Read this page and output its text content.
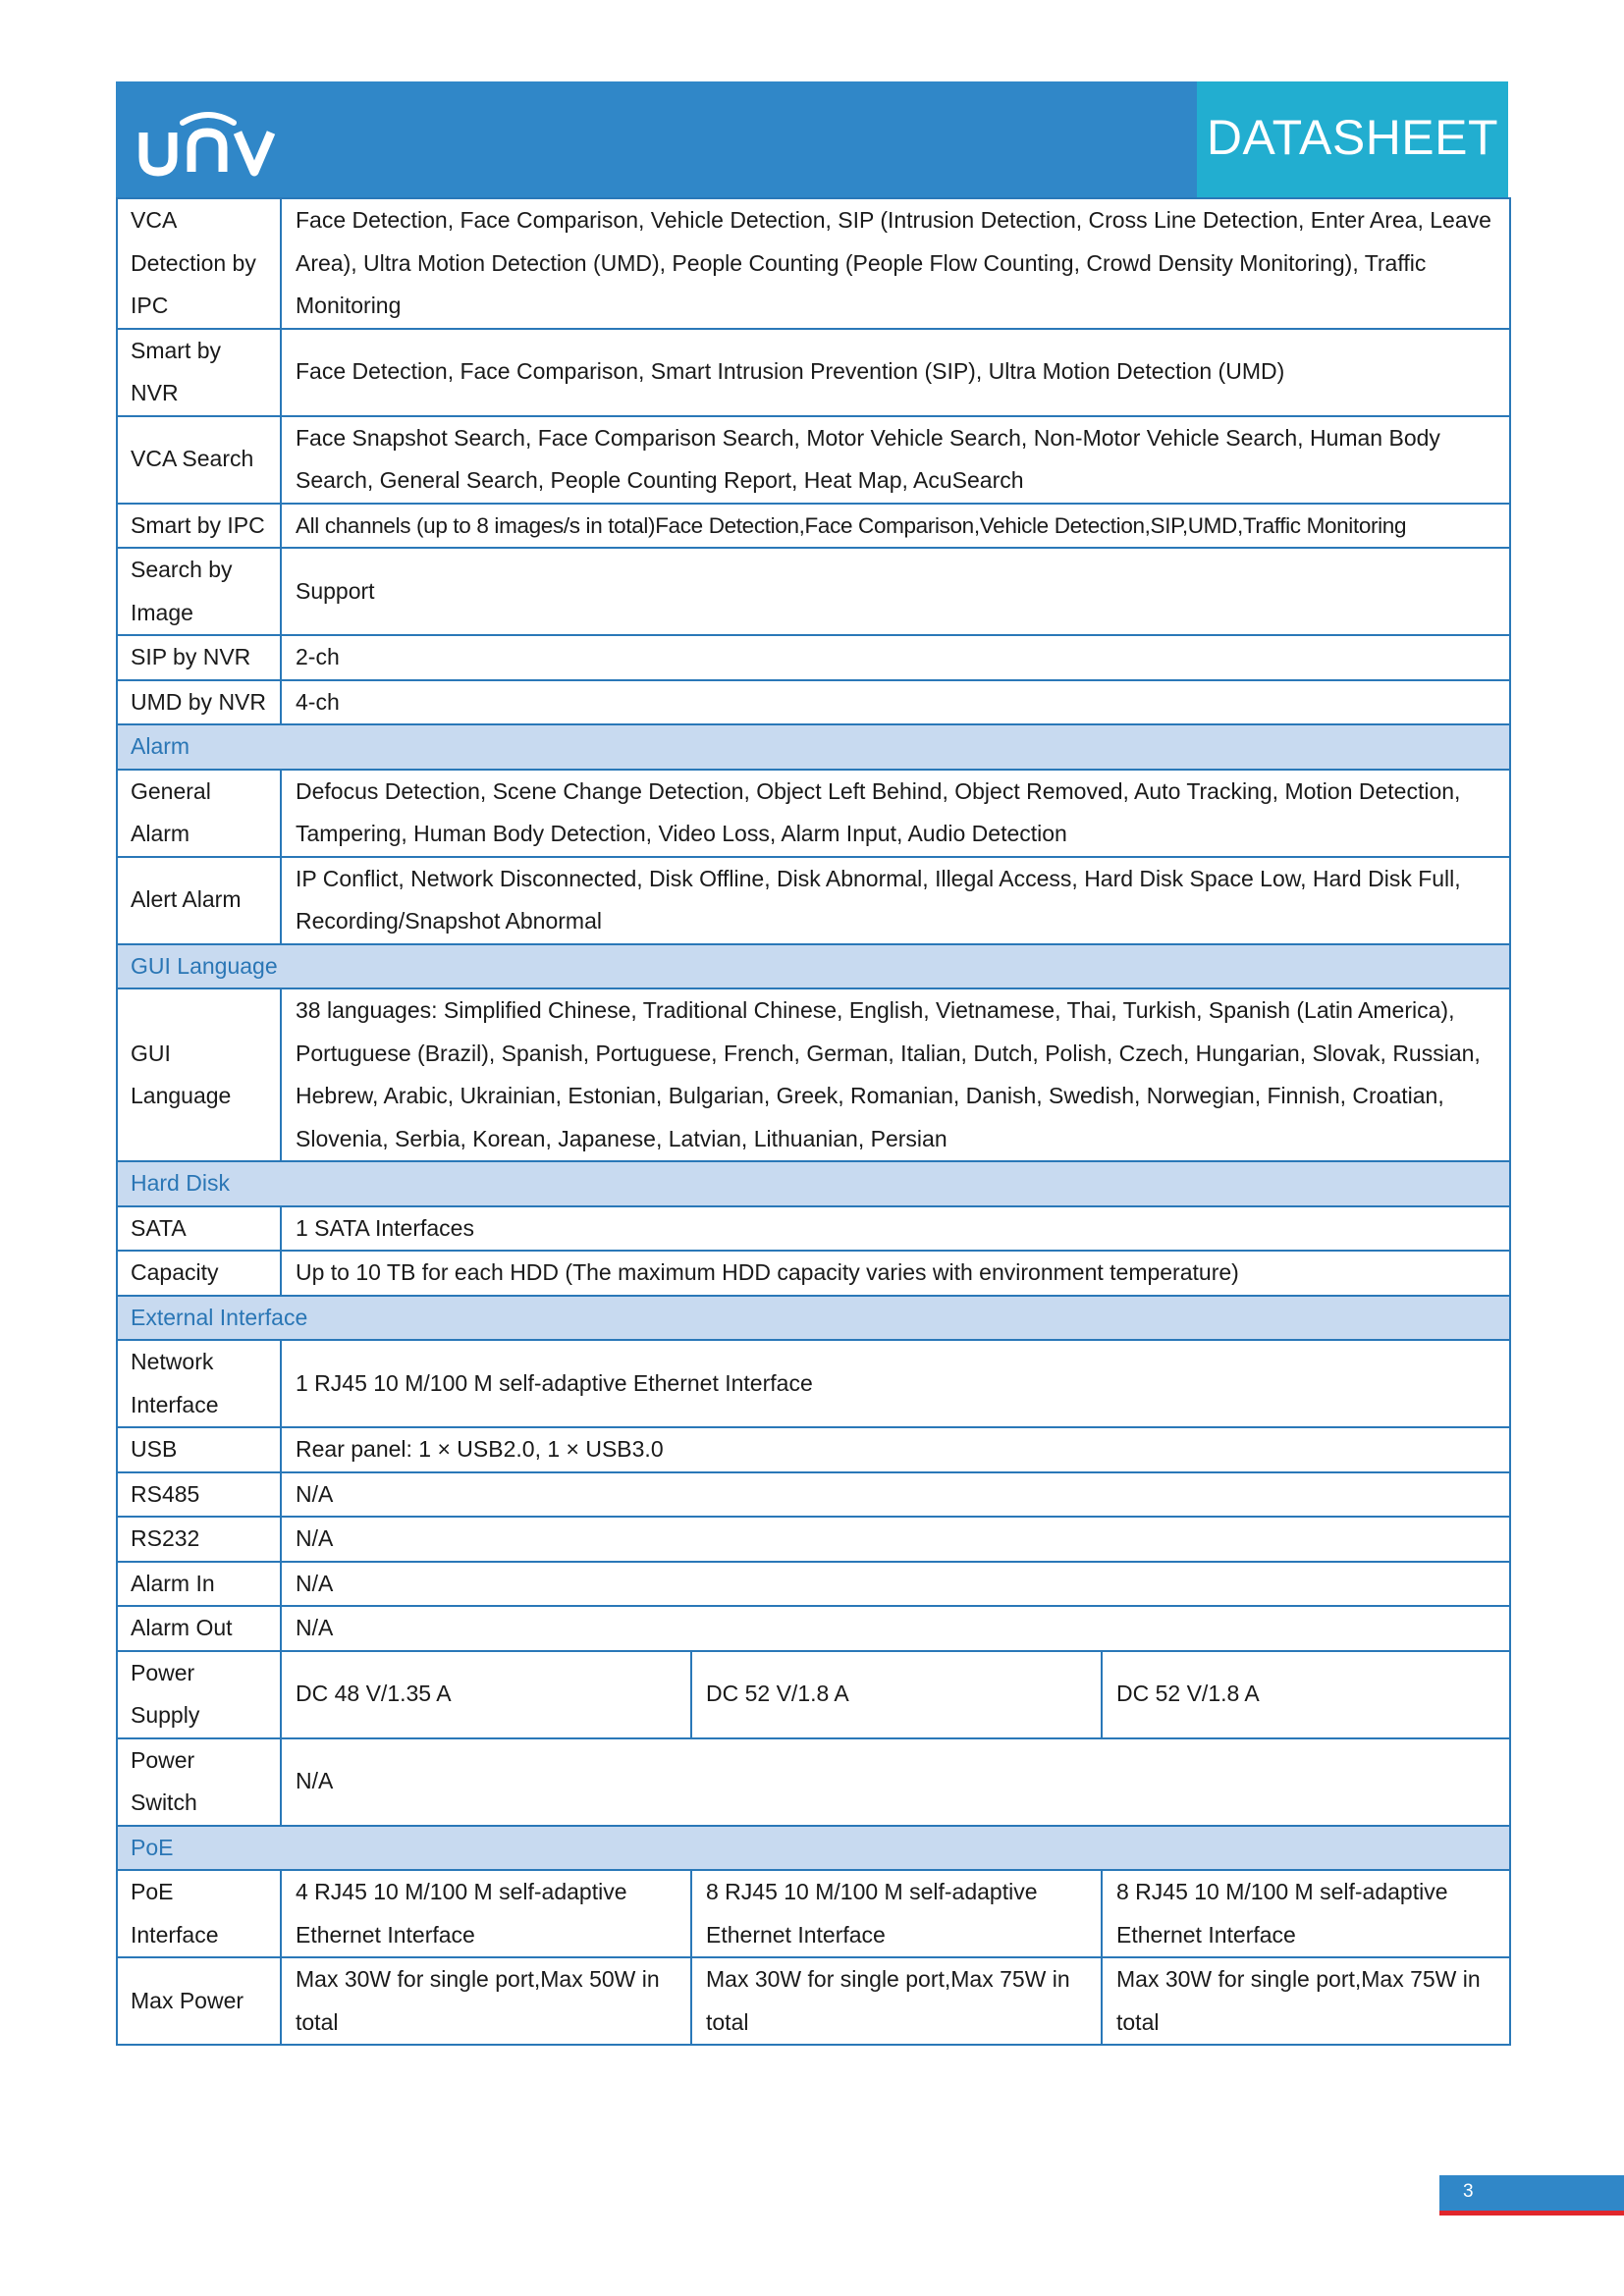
DATASHEET
VCA Detection by IPC	Face Detection, Face Comparison, Vehicle Detection, SIP (Intrusion Detection, Cross Line Detection, Enter Area, Leave Area), Ultra Motion Detection (UMD), People Counting (People Flow Counting, Crowd Density Monitoring), Traffic Monitoring		
Smart by NVR	Face Detection, Face Comparison, Smart Intrusion Prevention (SIP), Ultra Motion Detection (UMD)		
VCA Search	Face Snapshot Search, Face Comparison Search, Motor Vehicle Search, Non-Motor Vehicle Search, Human Body Search, General Search, People Counting Report, Heat Map, AcuSearch		
Smart by IPC	All channels (up to 8 images/s in total)Face Detection,Face Comparison,Vehicle Detection,SIP,UMD,Traffic Monitoring		
Search by Image	Support		
SIP by NVR	2-ch		
UMD by NVR	4-ch		
Alarm			
General Alarm	Defocus Detection, Scene Change Detection, Object Left Behind, Object Removed, Auto Tracking, Motion Detection, Tampering, Human Body Detection, Video Loss, Alarm Input, Audio Detection		
Alert Alarm	IP Conflict, Network Disconnected, Disk Offline, Disk Abnormal, Illegal Access, Hard Disk Space Low, Hard Disk Full, Recording/Snapshot Abnormal		
GUI Language			
GUI Language	38 languages: Simplified Chinese, Traditional Chinese, English, Vietnamese, Thai, Turkish, Spanish (Latin America), Portuguese (Brazil), Spanish, Portuguese, French, German, Italian, Dutch, Polish, Czech, Hungarian, Slovak, Russian, Hebrew, Arabic, Ukrainian, Estonian, Bulgarian, Greek, Romanian, Danish, Swedish, Norwegian, Finnish, Croatian, Slovenia, Serbia, Korean, Japanese, Latvian, Lithuanian, Persian		
Hard Disk			
SATA	1 SATA Interfaces		
Capacity	Up to 10 TB for each HDD (The maximum HDD capacity varies with environment temperature)		
External Interface			
Network Interface	1 RJ45 10 M/100 M self-adaptive Ethernet Interface		
USB	Rear panel: 1 × USB2.0, 1 × USB3.0		
RS485	N/A		
RS232	N/A		
Alarm In	N/A		
Alarm Out	N/A		
Power Supply	DC 48 V/1.35 A	DC 52 V/1.8 A	DC 52 V/1.8 A
Power Switch	N/A		
PoE			
PoE Interface	4 RJ45 10 M/100 M self-adaptive Ethernet Interface	8 RJ45 10 M/100 M self-adaptive Ethernet Interface	8 RJ45 10 M/100 M self-adaptive Ethernet Interface
Max Power	Max 30W for single port,Max 50W in total	Max 30W for single port,Max 75W in total	Max 30W for single port,Max 75W in total
3
